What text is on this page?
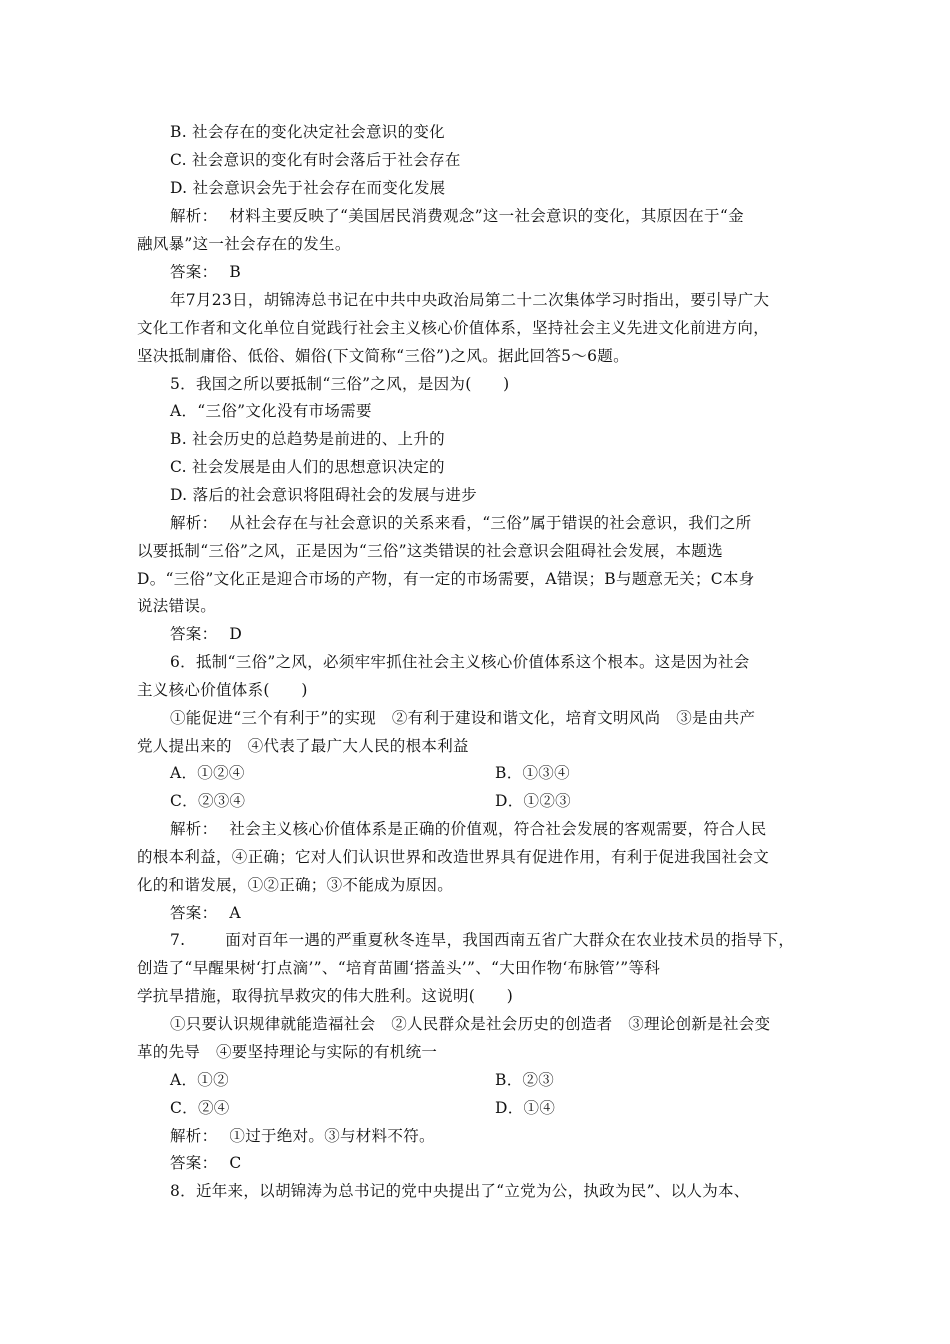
B. 社会存在的变化决定社会意识的变化
C. 社会意识的变化有时会落后于社会存在
D. 社会意识会先于社会存在而变化发展
解析： 材料主要反映了“美国居民消费观念”这一社会意识的变化，其原因在于“金
融风暴”这一社会存在的发生。
答案： B
年7月23日，胡锦涛总书记在中共中央政治局第二十二次集体学习时指出，要引导广大
文化工作者和文化单位自觉践行社会主义核心价值体系，坚持社会主义先进文化前进方向，
坚决抵制庸俗、低俗、媚俗(下文简称“三俗”)之风。据此回答5～6题。
5．我国之所以要抵制“三俗”之风，是因为(　　)
A．“三俗”文化没有市场需要
B. 社会历史的总趋势是前进的、上升的
C. 社会发展是由人们的思想意识决定的
D. 落后的社会意识将阻碍社会的发展与进步
解析： 从社会存在与社会意识的关系来看，“三俗”属于错误的社会意识，我们之所
以要抵制“三俗”之风，正是因为“三俗”这类错误的社会意识会阻碍社会发展，本题选
D。“三俗”文化正是迎合市场的产物，有一定的市场需要，A错误；B与题意无关；C本身
说法错误。
答案： D
6．抵制“三俗”之风，必须牢牢抓住社会主义核心价值体系这个根本。这是因为社会
主义核心价值体系(　　)
①能促进“三个有利于”的实现　②有利于建设和谐文化，培育文明风尚　③是由共产
党人提出来的　④代表了最广大人民的根本利益
A．①②④	B．①③④
C．②③④	D．①②③
解析： 社会主义核心价值体系是正确的价值观，符合社会发展的客观需要，符合人民
的根本利益，④正确；它对人们认识世界和改造世界具有促进作用，有利于促进我国社会文
化的和谐发展，①②正确；③不能成为原因。
答案： A
7.	面对百年一遇的严重夏秋冬连旱，我国西南五省广大群众在农业技术员的指导下，
创造了“早醒果树‘打点滴’”、“培育苗圃‘搭盖头’”、“大田作物‘布脉管’”等科
学抗旱措施，取得抗旱救灾的伟大胜利。这说明(　　)
①只要认识规律就能造福社会　②人民群众是社会历史的创造者　③理论创新是社会变
革的先导　④要坚持理论与实际的有机统一
A．①②	B．②③
C．②④	D．①④
解析： ①过于绝对。③与材料不符。
答案： C
8．近年来，以胡锦涛为总书记的党中央提出了“立党为公，执政为民”、以人为本、
